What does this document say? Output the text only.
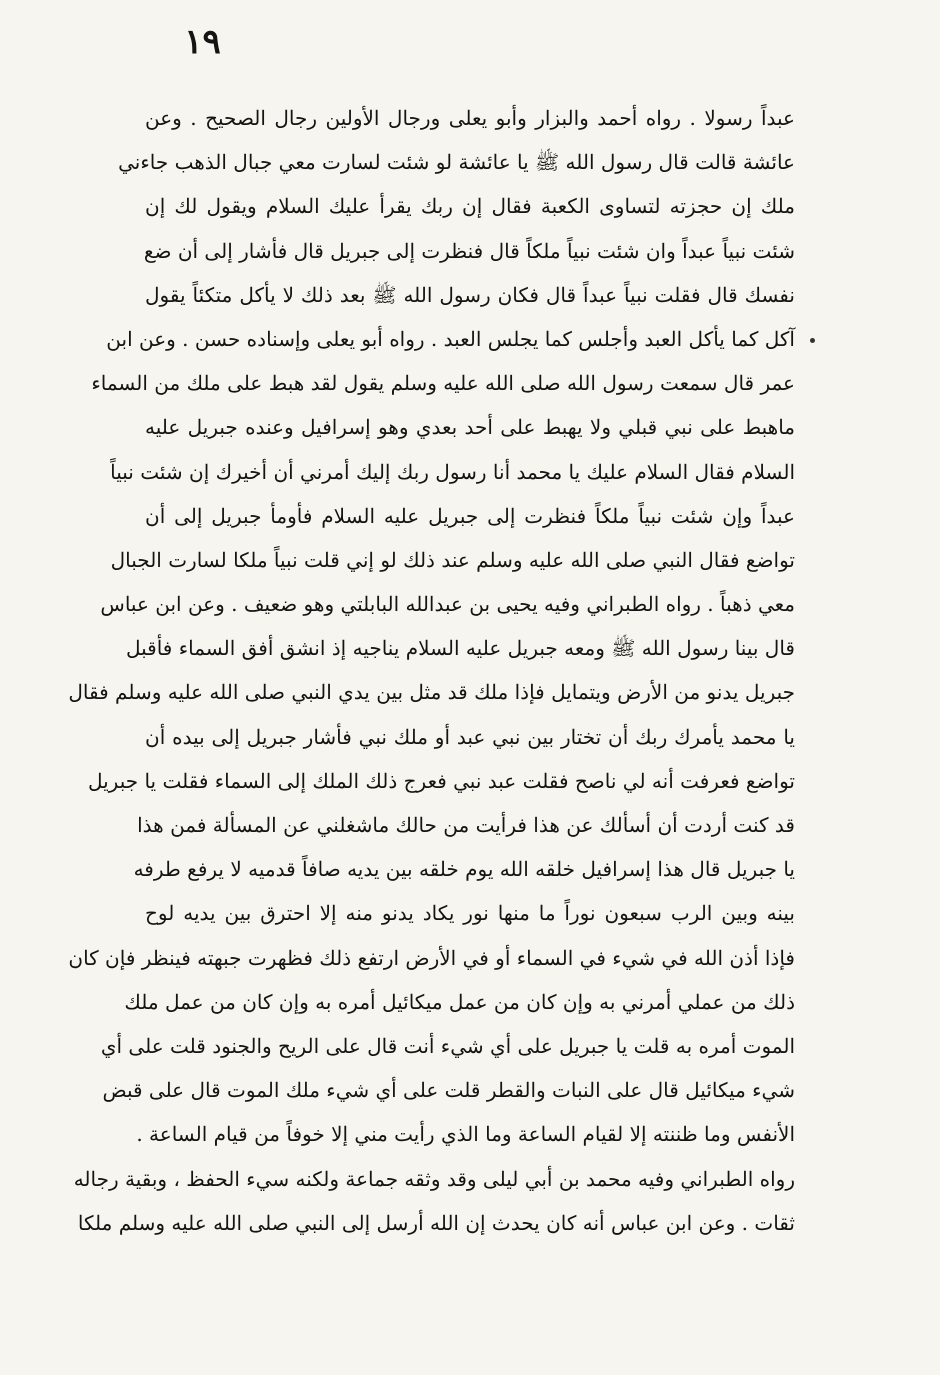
١٩
عبداً رسولا . رواه أحمد والبزار وأبو يعلى ورجال الأولين رجال الصحيح . وعن
عائشة قالت قال رسول الله ﷺ يا عائشة لو شئت لسارت معي جبال الذهب جاءني
ملك إن حجزته لتساوى الكعبة فقال إن ربك يقرأ عليك السلام ويقول لك إن
شئت نبياً عبداً وان شئت نبياً ملكاً قال فنظرت إلى جبريل قال فأشار إلى أن ضع
نفسك قال فقلت نبياً عبداً قال فكان رسول الله ﷺ بعد ذلك لا يأكل متكئاً يقول
آكل كما يأكل العبد وأجلس كما يجلس العبد . رواه أبو يعلى وإسناده حسن . وعن ابن
عمر قال سمعت رسول الله صلى الله عليه وسلم يقول لقد هبط على ملك من السماء
ماهبط على نبي قبلي ولا يهبط على أحد بعدي وهو إسرافيل وعنده جبريل عليه
السلام فقال السلام عليك يا محمد أنا رسول ربك إليك أمرني أن أخيرك إن شئت نبياً
عبداً وإن شئت نبياً ملكاً فنظرت إلى جبريل عليه السلام فأومأ جبريل إلى أن
تواضع فقال النبي صلى الله عليه وسلم عند ذلك لو إني قلت نبياً ملكا لسارت الجبال
معي ذهباً . رواه الطبراني وفيه يحيى بن عبدالله البابلتي وهو ضعيف . وعن ابن عباس
قال بينا رسول الله ﷺ ومعه جبريل عليه السلام يناجيه إذ انشق أفق السماء فأقبل
جبريل يدنو من الأرض ويتمايل فإذا ملك قد مثل بين يدي النبي صلى الله عليه وسلم فقال
يا محمد يأمرك ربك أن تختار بين نبي عبد أو ملك نبي فأشار جبريل إلى بيده أن
تواضع فعرفت أنه لي ناصح فقلت عبد نبي فعرج ذلك الملك إلى السماء فقلت يا جبريل
قد كنت أردت أن أسألك عن هذا فرأيت من حالك ماشغلني عن المسألة فمن هذا
يا جبريل قال هذا إسرافيل خلقه الله يوم خلقه بين يديه صافاً قدميه لا يرفع طرفه
بينه وبين الرب سبعون نوراً ما منها نور يكاد يدنو منه إلا احترق بين يديه لوح
فإذا أذن الله في شيء في السماء أو في الأرض ارتفع ذلك فظهرت جبهته فينظر فإن كان
ذلك من عملي أمرني به وإن كان من عمل ميكائيل أمره به وإن كان من عمل ملك
الموت أمره به قلت يا جبريل على أي شيء أنت قال على الريح والجنود قلت على أي
شيء ميكائيل قال على النبات والقطر قلت على أي شيء ملك الموت قال على قبض
الأنفس وما ظننته إلا لقيام الساعة وما الذي رأيت مني إلا خوفاً من قيام الساعة .
رواه الطبراني وفيه محمد بن أبي ليلى وقد وثقه جماعة ولكنه سيء الحفظ ، وبقية رجاله
ثقات . وعن ابن عباس أنه كان يحدث إن الله أرسل إلى النبي صلى الله عليه وسلم ملكا
